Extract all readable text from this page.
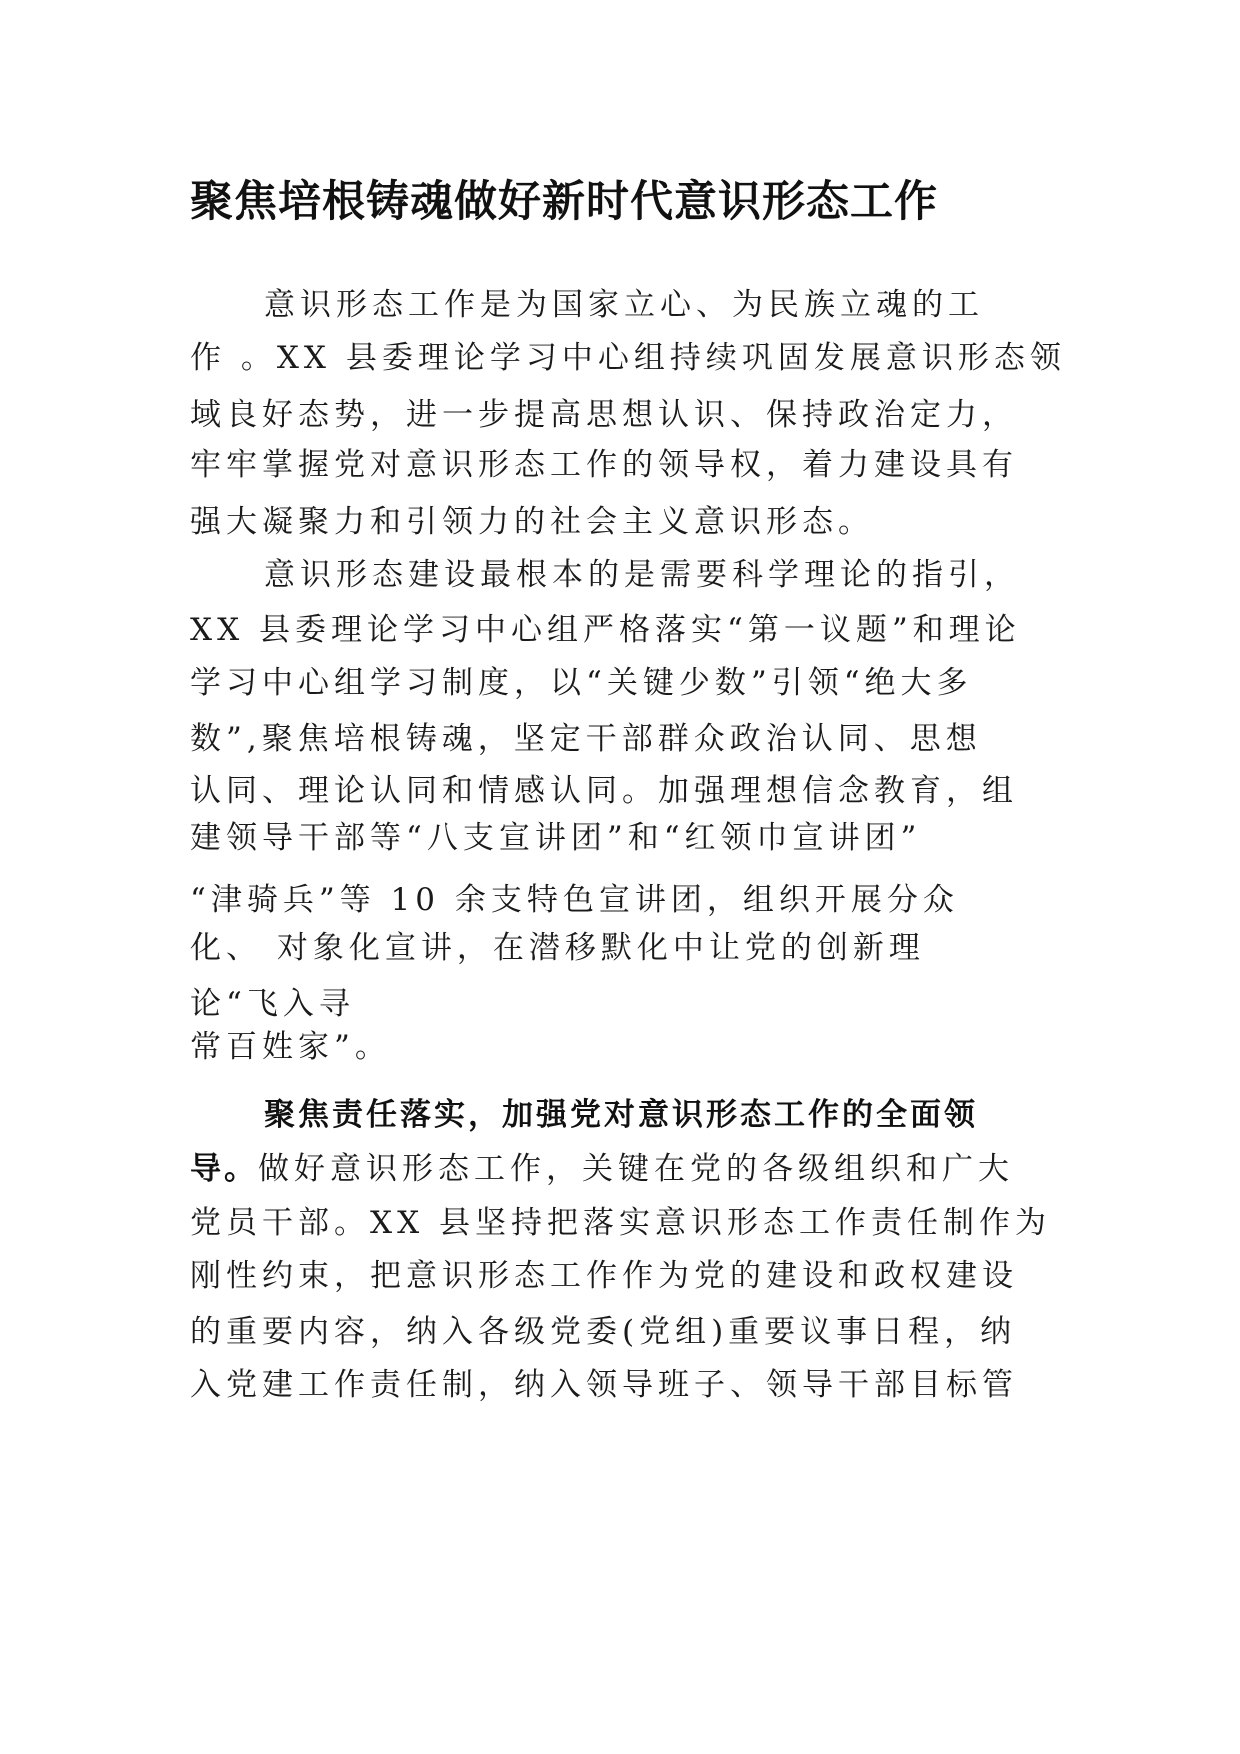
聚焦培根铸魂做好新时代意识形态工作

意识形态工作是为国家立心、为民族立魂的工

作 。XX 县委理论学习中心组持续巩固发展意识形态领

域良好态势，进一步提高思想认识、保持政治定力，

牢牢掌握党对意识形态工作的领导权，着力建设具有

强大凝聚力和引领力的社会主义意识形态。

意识形态建设最根本的是需要科学理论的指引，

XX 县委理论学习中心组严格落实“第一议题”和理论

学习中心组学习制度，以“关键少数”引领“绝大多

数”,聚焦培根铸魂，坚定干部群众政治认同、思想

认同、理论认同和情感认同。加强理想信念教育，组

建领导干部等“八支宣讲团”和“红领巾宣讲团”

“津骑兵”等 10 余支特色宣讲团，组织开展分众

化、 对象化宣讲，在潜移默化中让党的创新理

论“飞入寻

常百姓家”。

聚焦责任落实，加强党对意识形态工作的全面领

导。做好意识形态工作，关键在党的各级组织和广大

党员干部。XX 县坚持把落实意识形态工作责任制作为

刚性约束，把意识形态工作作为党的建设和政权建设

的重要内容，纳入各级党委(党组)重要议事日程，纳

入党建工作责任制，纳入领导班子、领导干部目标管
